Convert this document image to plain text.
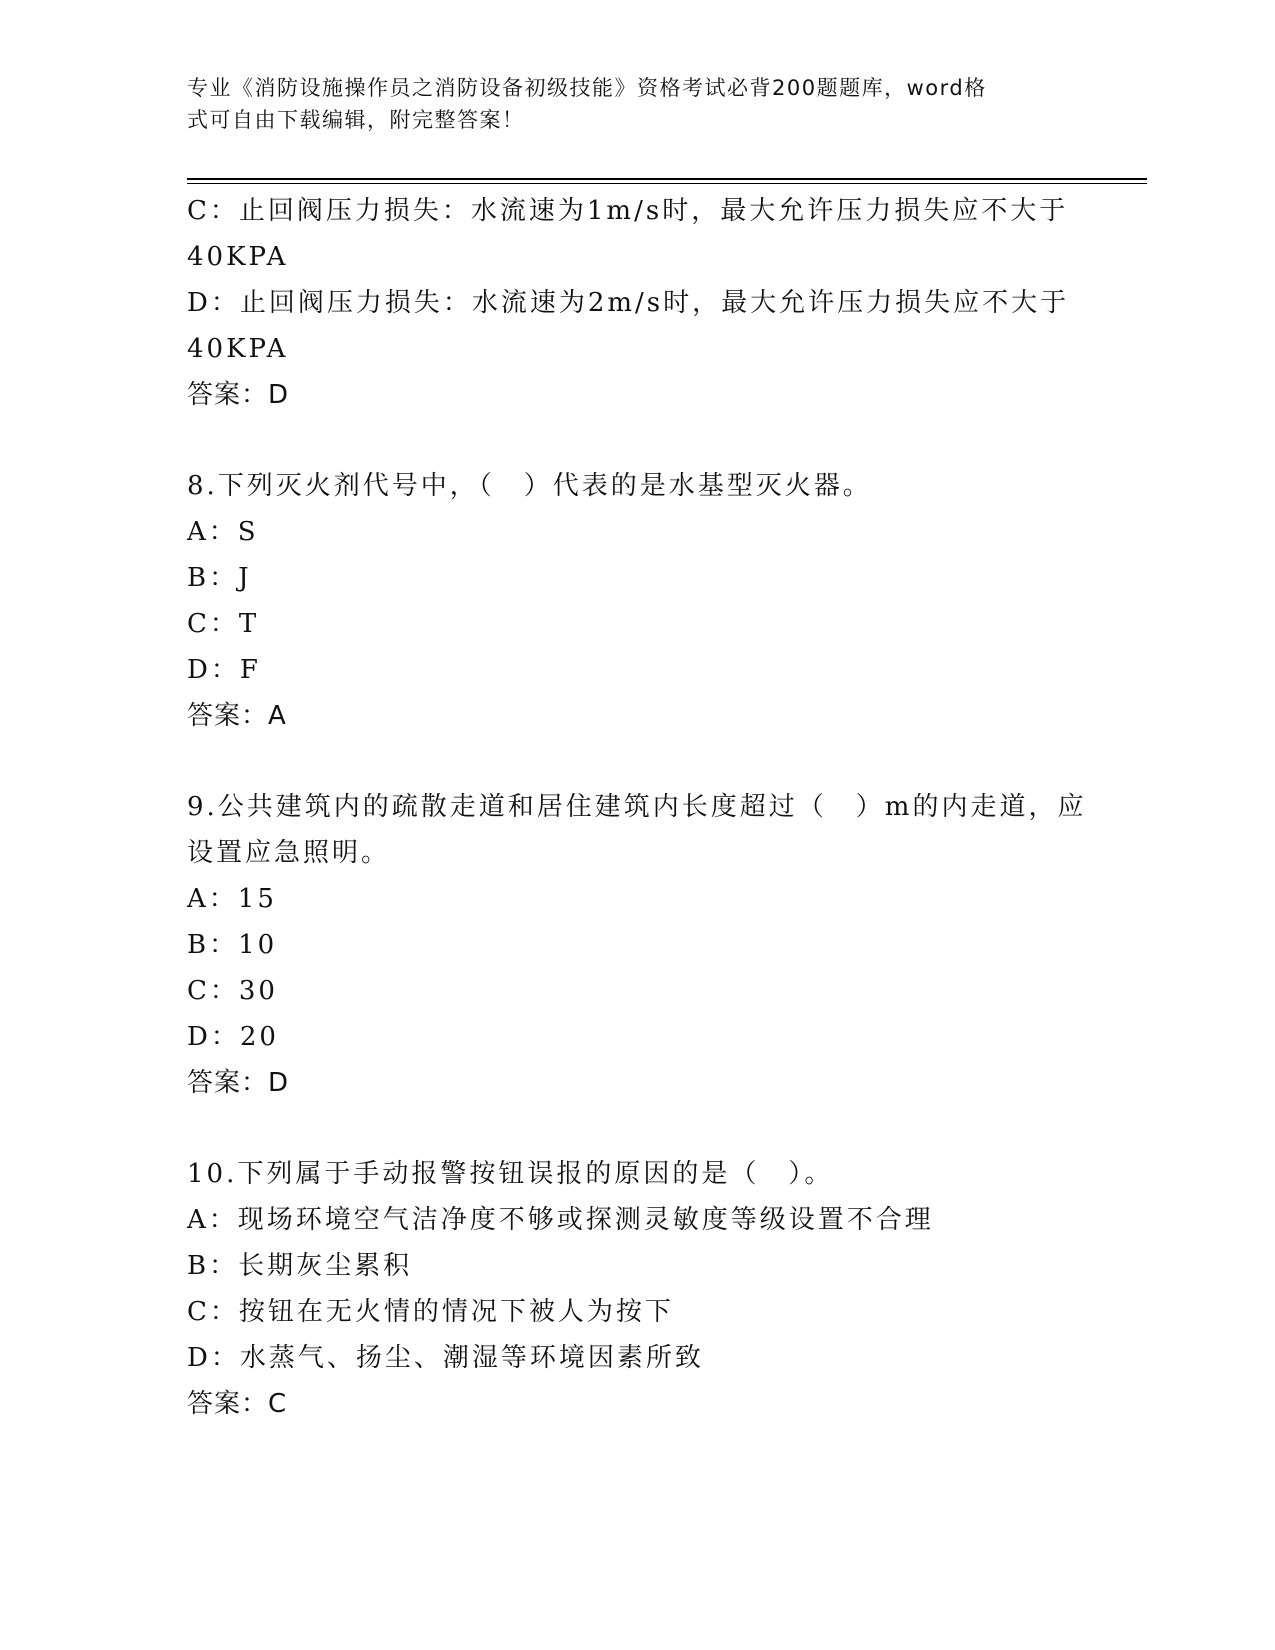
专业《消防设施操作员之消防设备初级技能》资格考试必背200题题库，word格
式可自由下载编辑，附完整答案！
C：止回阀压力损失：水流速为1m/s时，最大允许压力损失应不大于
40KPA
D：止回阀压力损失：水流速为2m/s时，最大允许压力损失应不大于
40KPA
答案：D
8.下列灭火剂代号中，（　）代表的是水基型灭火器。
A：S
B：J
C：T
D：F
答案：A
9.公共建筑内的疏散走道和居住建筑内长度超过（　）m的内走道，应
设置应急照明。
A：15
B：10
C：30
D：20
答案：D
10.下列属于手动报警按钮误报的原因的是（　）。
A：现场环境空气洁净度不够或探测灵敏度等级设置不合理
B：长期灰尘累积
C：按钮在无火情的情况下被人为按下
D：水蒸气、扬尘、潮湿等环境因素所致
答案：C
